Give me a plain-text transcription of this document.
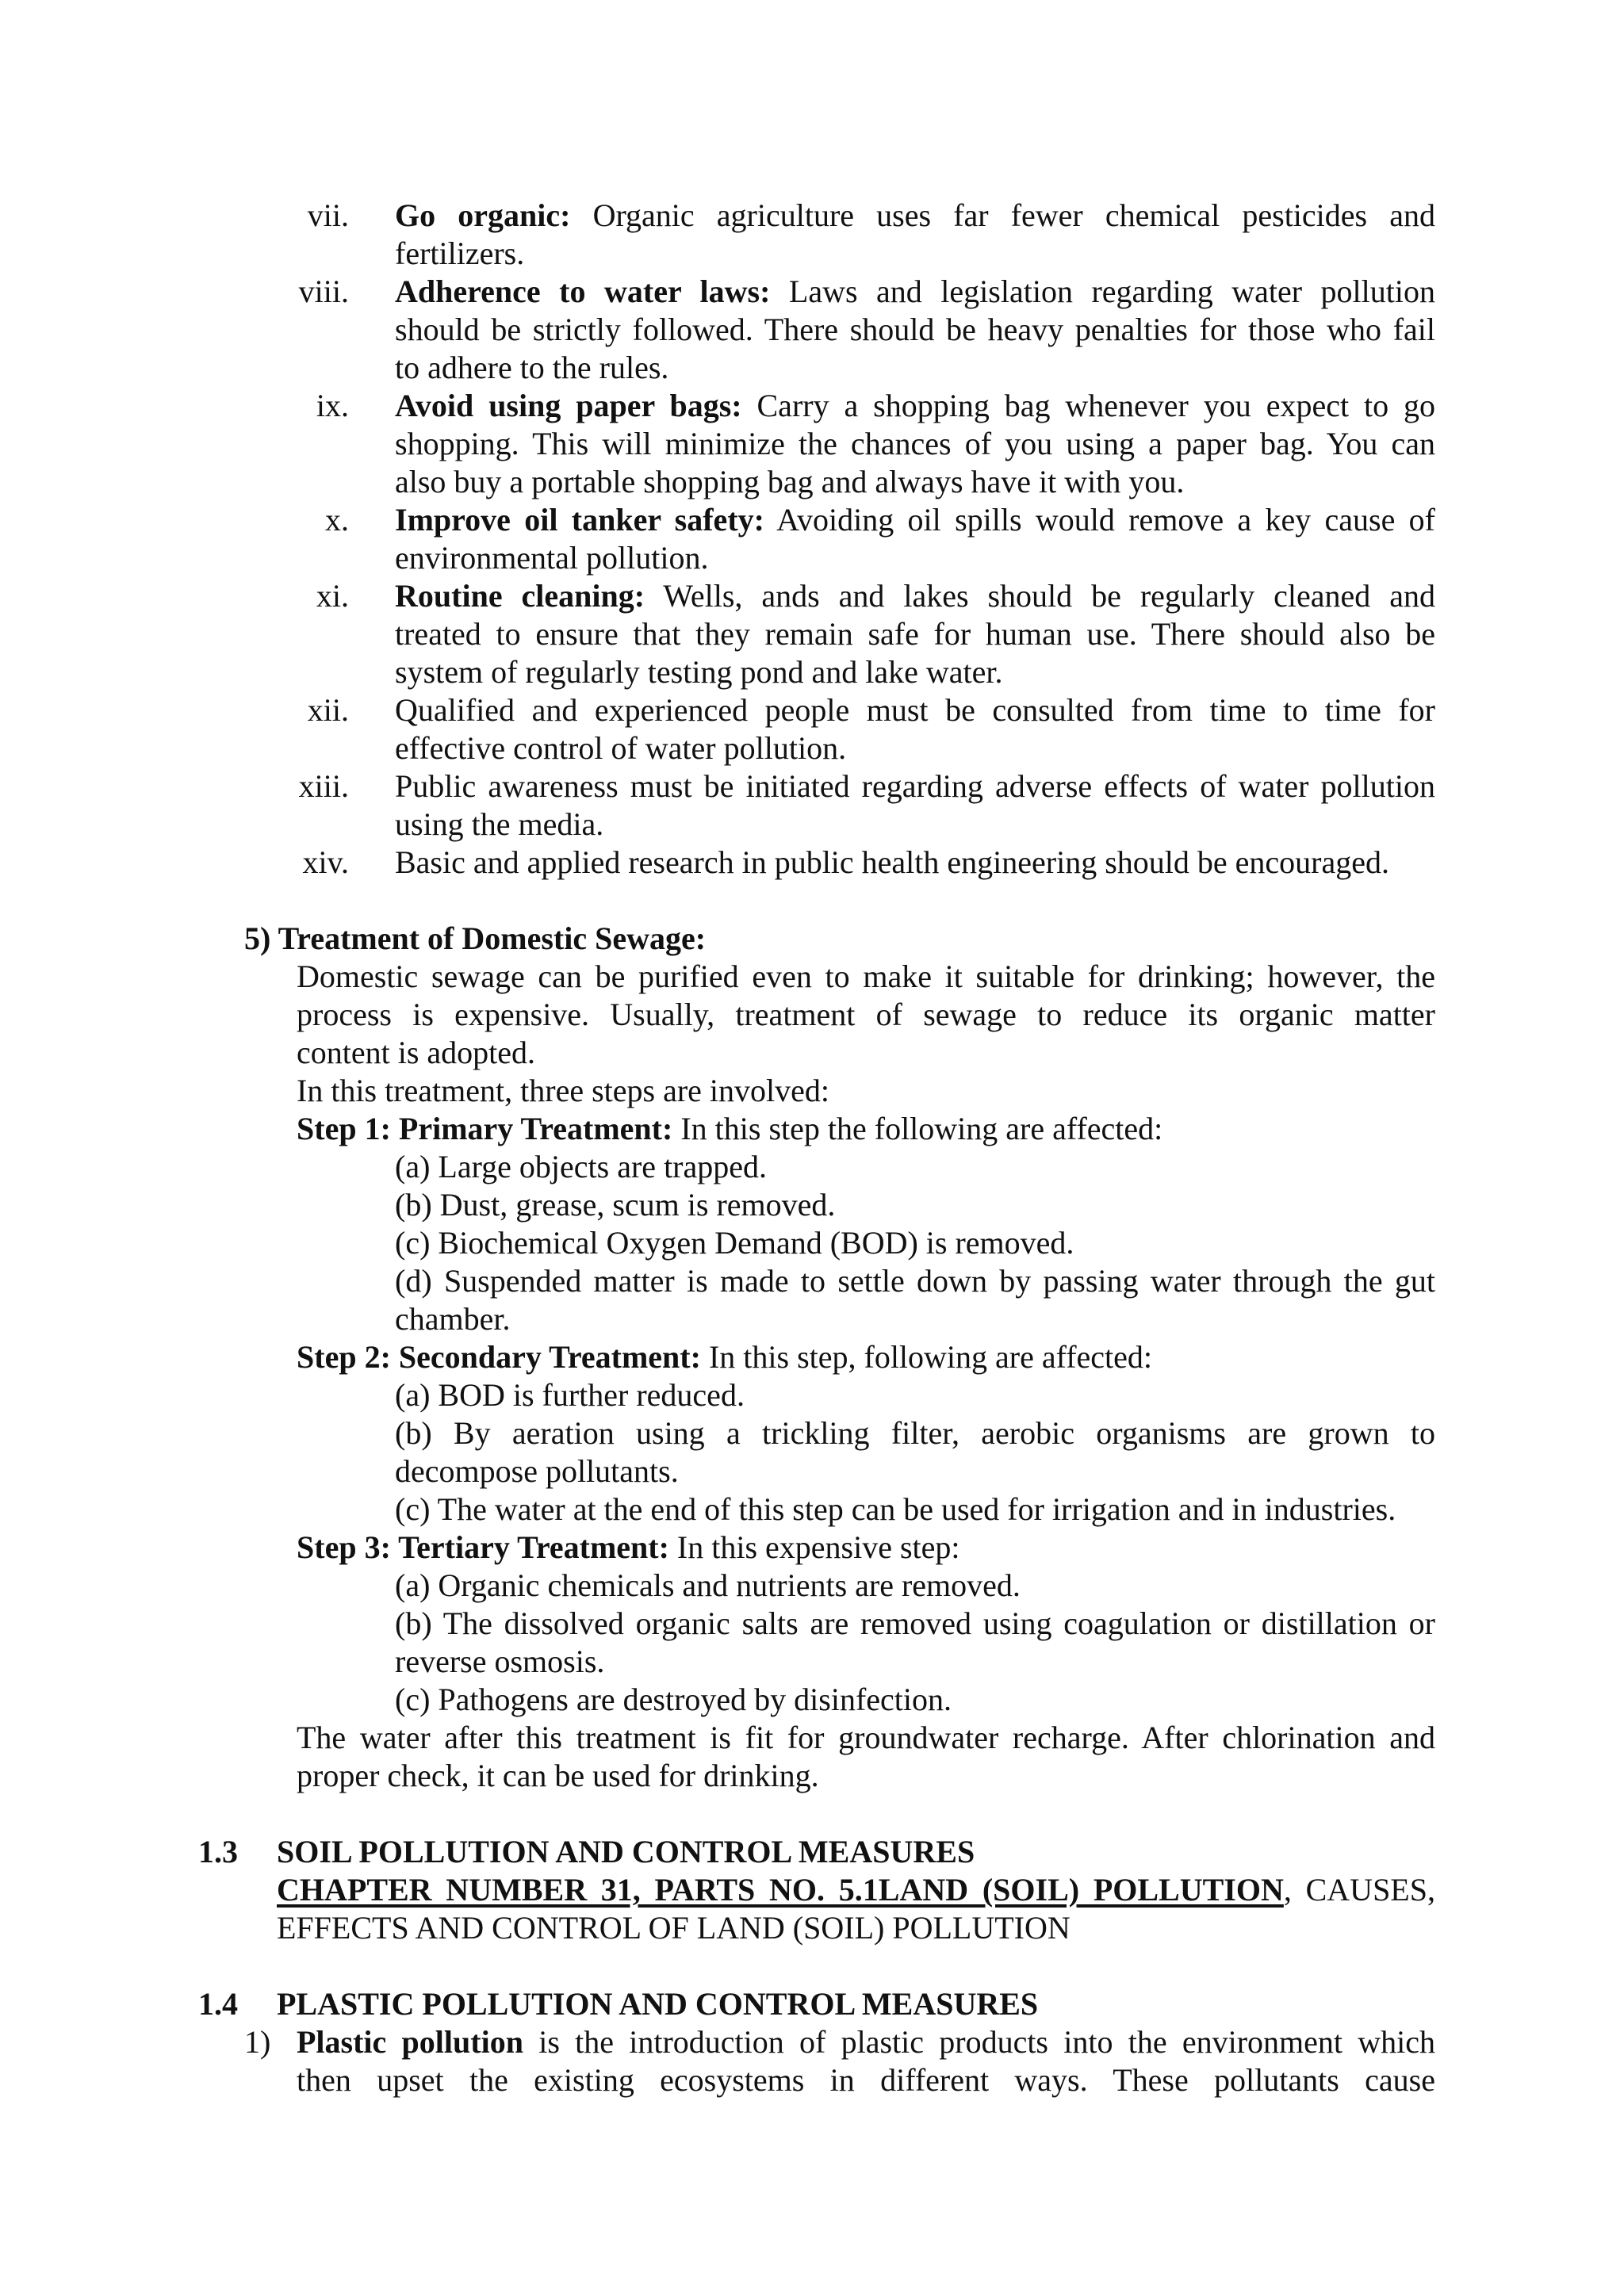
vii. Go organic: Organic agriculture uses far fewer chemical pesticides and
fertilizers.
viii. Adherence to water laws: Laws and legislation regarding water pollution
should be strictly followed. There should be heavy penalties for those who fail
to adhere to the rules.
ix. Avoid using paper bags: Carry a shopping bag whenever you expect to go
shopping. This will minimize the chances of you using a paper bag. You can
also buy a portable shopping bag and always have it with you.
x. Improve oil tanker safety: Avoiding oil spills would remove a key cause of
environmental pollution.
xi. Routine cleaning: Wells, ands and lakes should be regularly cleaned and
treated to ensure that they remain safe for human use. There should also be
system of regularly testing pond and lake water.
xii. Qualified and experienced people must be consulted from time to time for
effective control of water pollution.
xiii. Public awareness must be initiated regarding adverse effects of water pollution
using the media.
xiv. Basic and applied research in public health engineering should be encouraged.
5) Treatment of Domestic Sewage:
Domestic sewage can be purified even to make it suitable for drinking; however, the
process is expensive. Usually, treatment of sewage to reduce its organic matter
content is adopted.
In this treatment, three steps are involved:
Step 1: Primary Treatment: In this step the following are affected:
(a) Large objects are trapped.
(b) Dust, grease, scum is removed.
(c) Biochemical Oxygen Demand (BOD) is removed.
(d) Suspended matter is made to settle down by passing water through the gut
chamber.
Step 2: Secondary Treatment: In this step, following are affected:
(a) BOD is further reduced.
(b) By aeration using a trickling filter, aerobic organisms are grown to
decompose pollutants.
(c) The water at the end of this step can be used for irrigation and in industries.
Step 3: Tertiary Treatment: In this expensive step:
(a) Organic chemicals and nutrients are removed.
(b) The dissolved organic salts are removed using coagulation or distillation or
reverse osmosis.
(c) Pathogens are destroyed by disinfection.
The water after this treatment is fit for groundwater recharge. After chlorination and
proper check, it can be used for drinking.
1.3 SOIL POLLUTION AND CONTROL MEASURES
CHAPTER NUMBER 31, PARTS NO. 5.1LAND (SOIL) POLLUTION, CAUSES,
EFFECTS AND CONTROL OF LAND (SOIL) POLLUTION
1.4 PLASTIC POLLUTION AND CONTROL MEASURES
1) Plastic pollution is the introduction of plastic products into the environment which
then upset the existing ecosystems in different ways. These pollutants cause
